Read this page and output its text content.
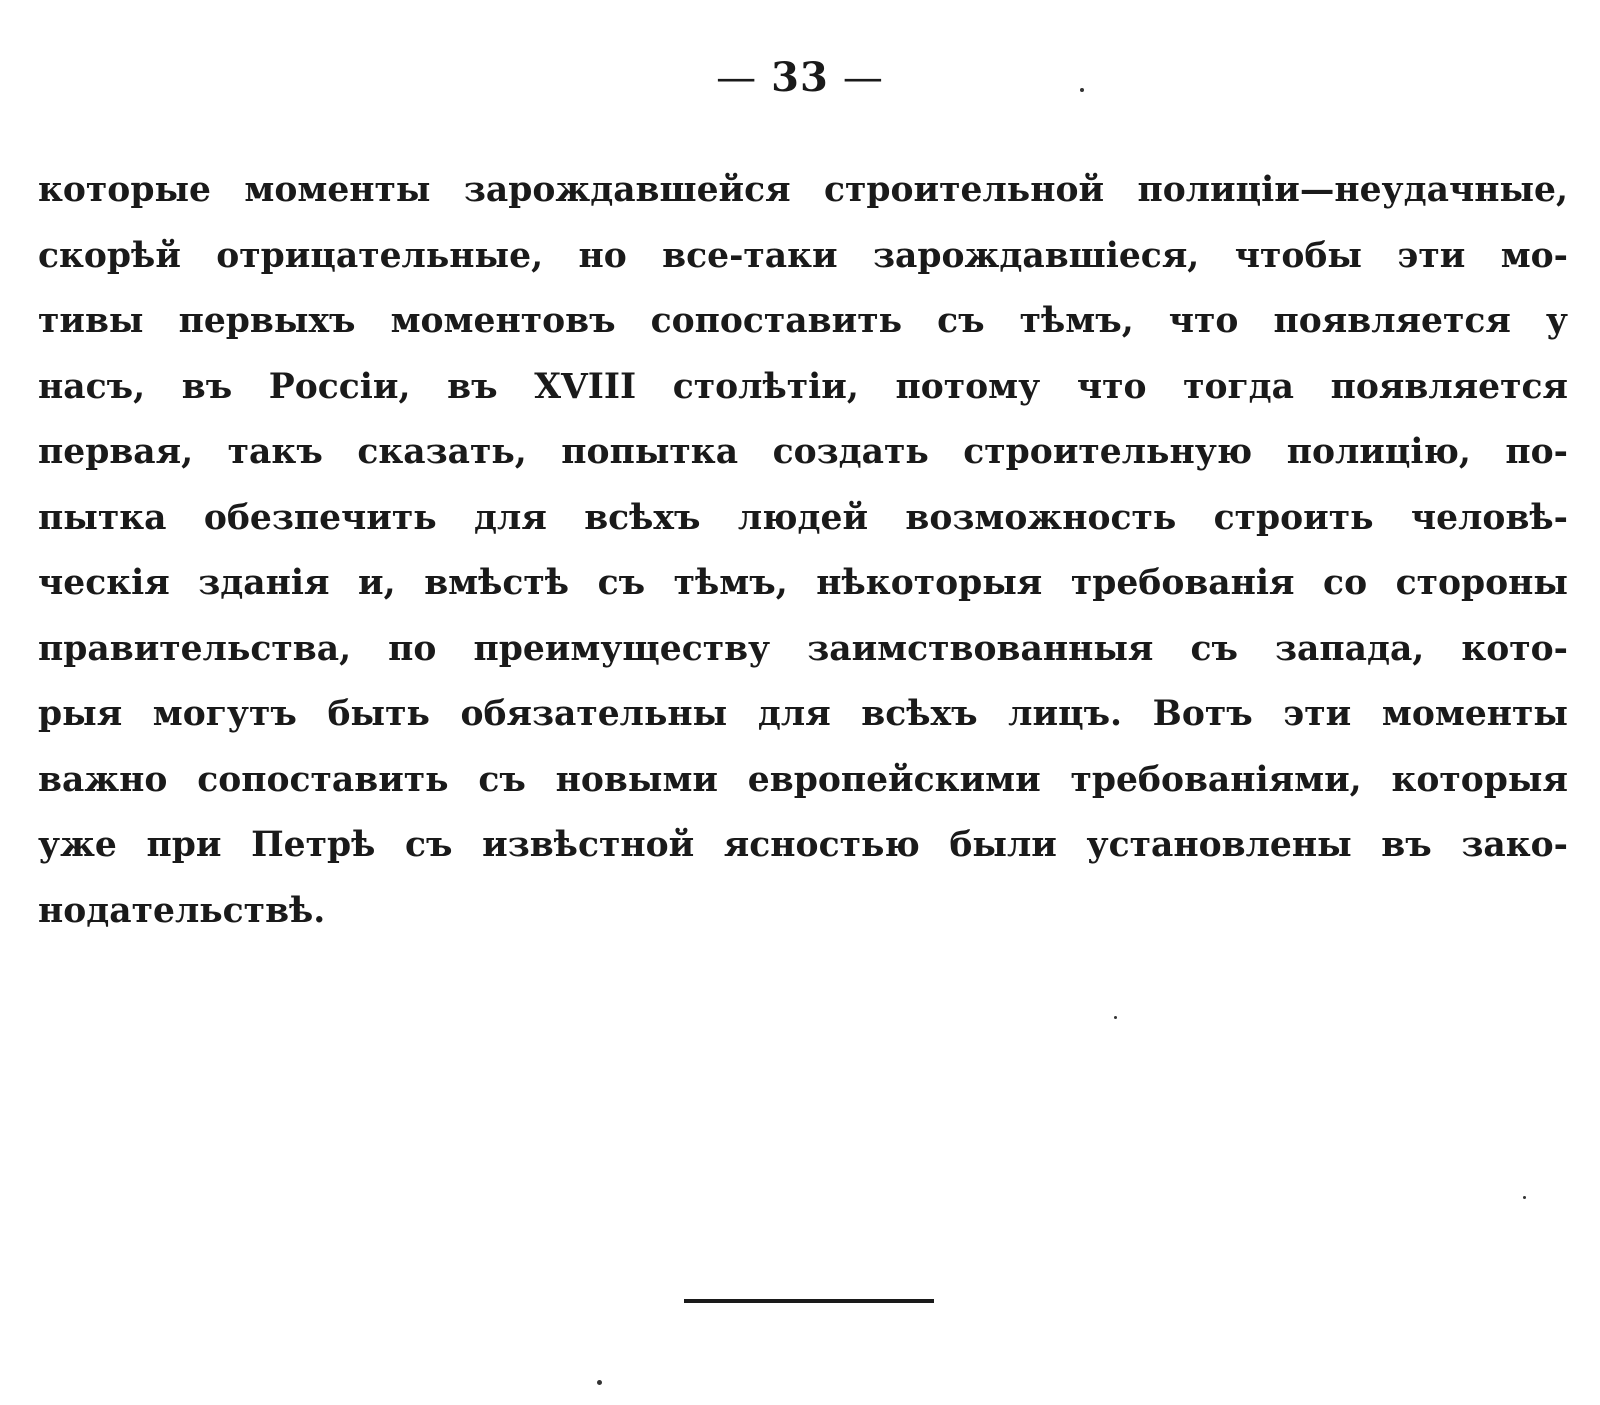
— 33 —
которые моменты зарождавшейся строительной полиціи—неудачные,
скорѣй отрицательные, но все-таки зарождавшіеся, чтобы эти мо-
тивы первыхъ моментовъ сопоставить съ тѣмъ, что появляется у
насъ, въ Россіи, въ XVIII столѣтіи, потому что тогда появляется
первая, такъ сказать, попытка создать строительную полицію, по-
пытка обезпечить для всѣхъ людей возможность строить человѣ-
ческія зданія и, вмѣстѣ съ тѣмъ, нѣкоторыя требованія со стороны
правительства, по преимуществу заимствованныя съ запада, кото-
рыя могутъ быть обязательны для всѣхъ лицъ. Вотъ эти моменты
важно сопоставить съ новыми европейскими требованіями, которыя
уже при Петрѣ съ извѣстной ясностью были установлены въ зако-
нодательствѣ.
